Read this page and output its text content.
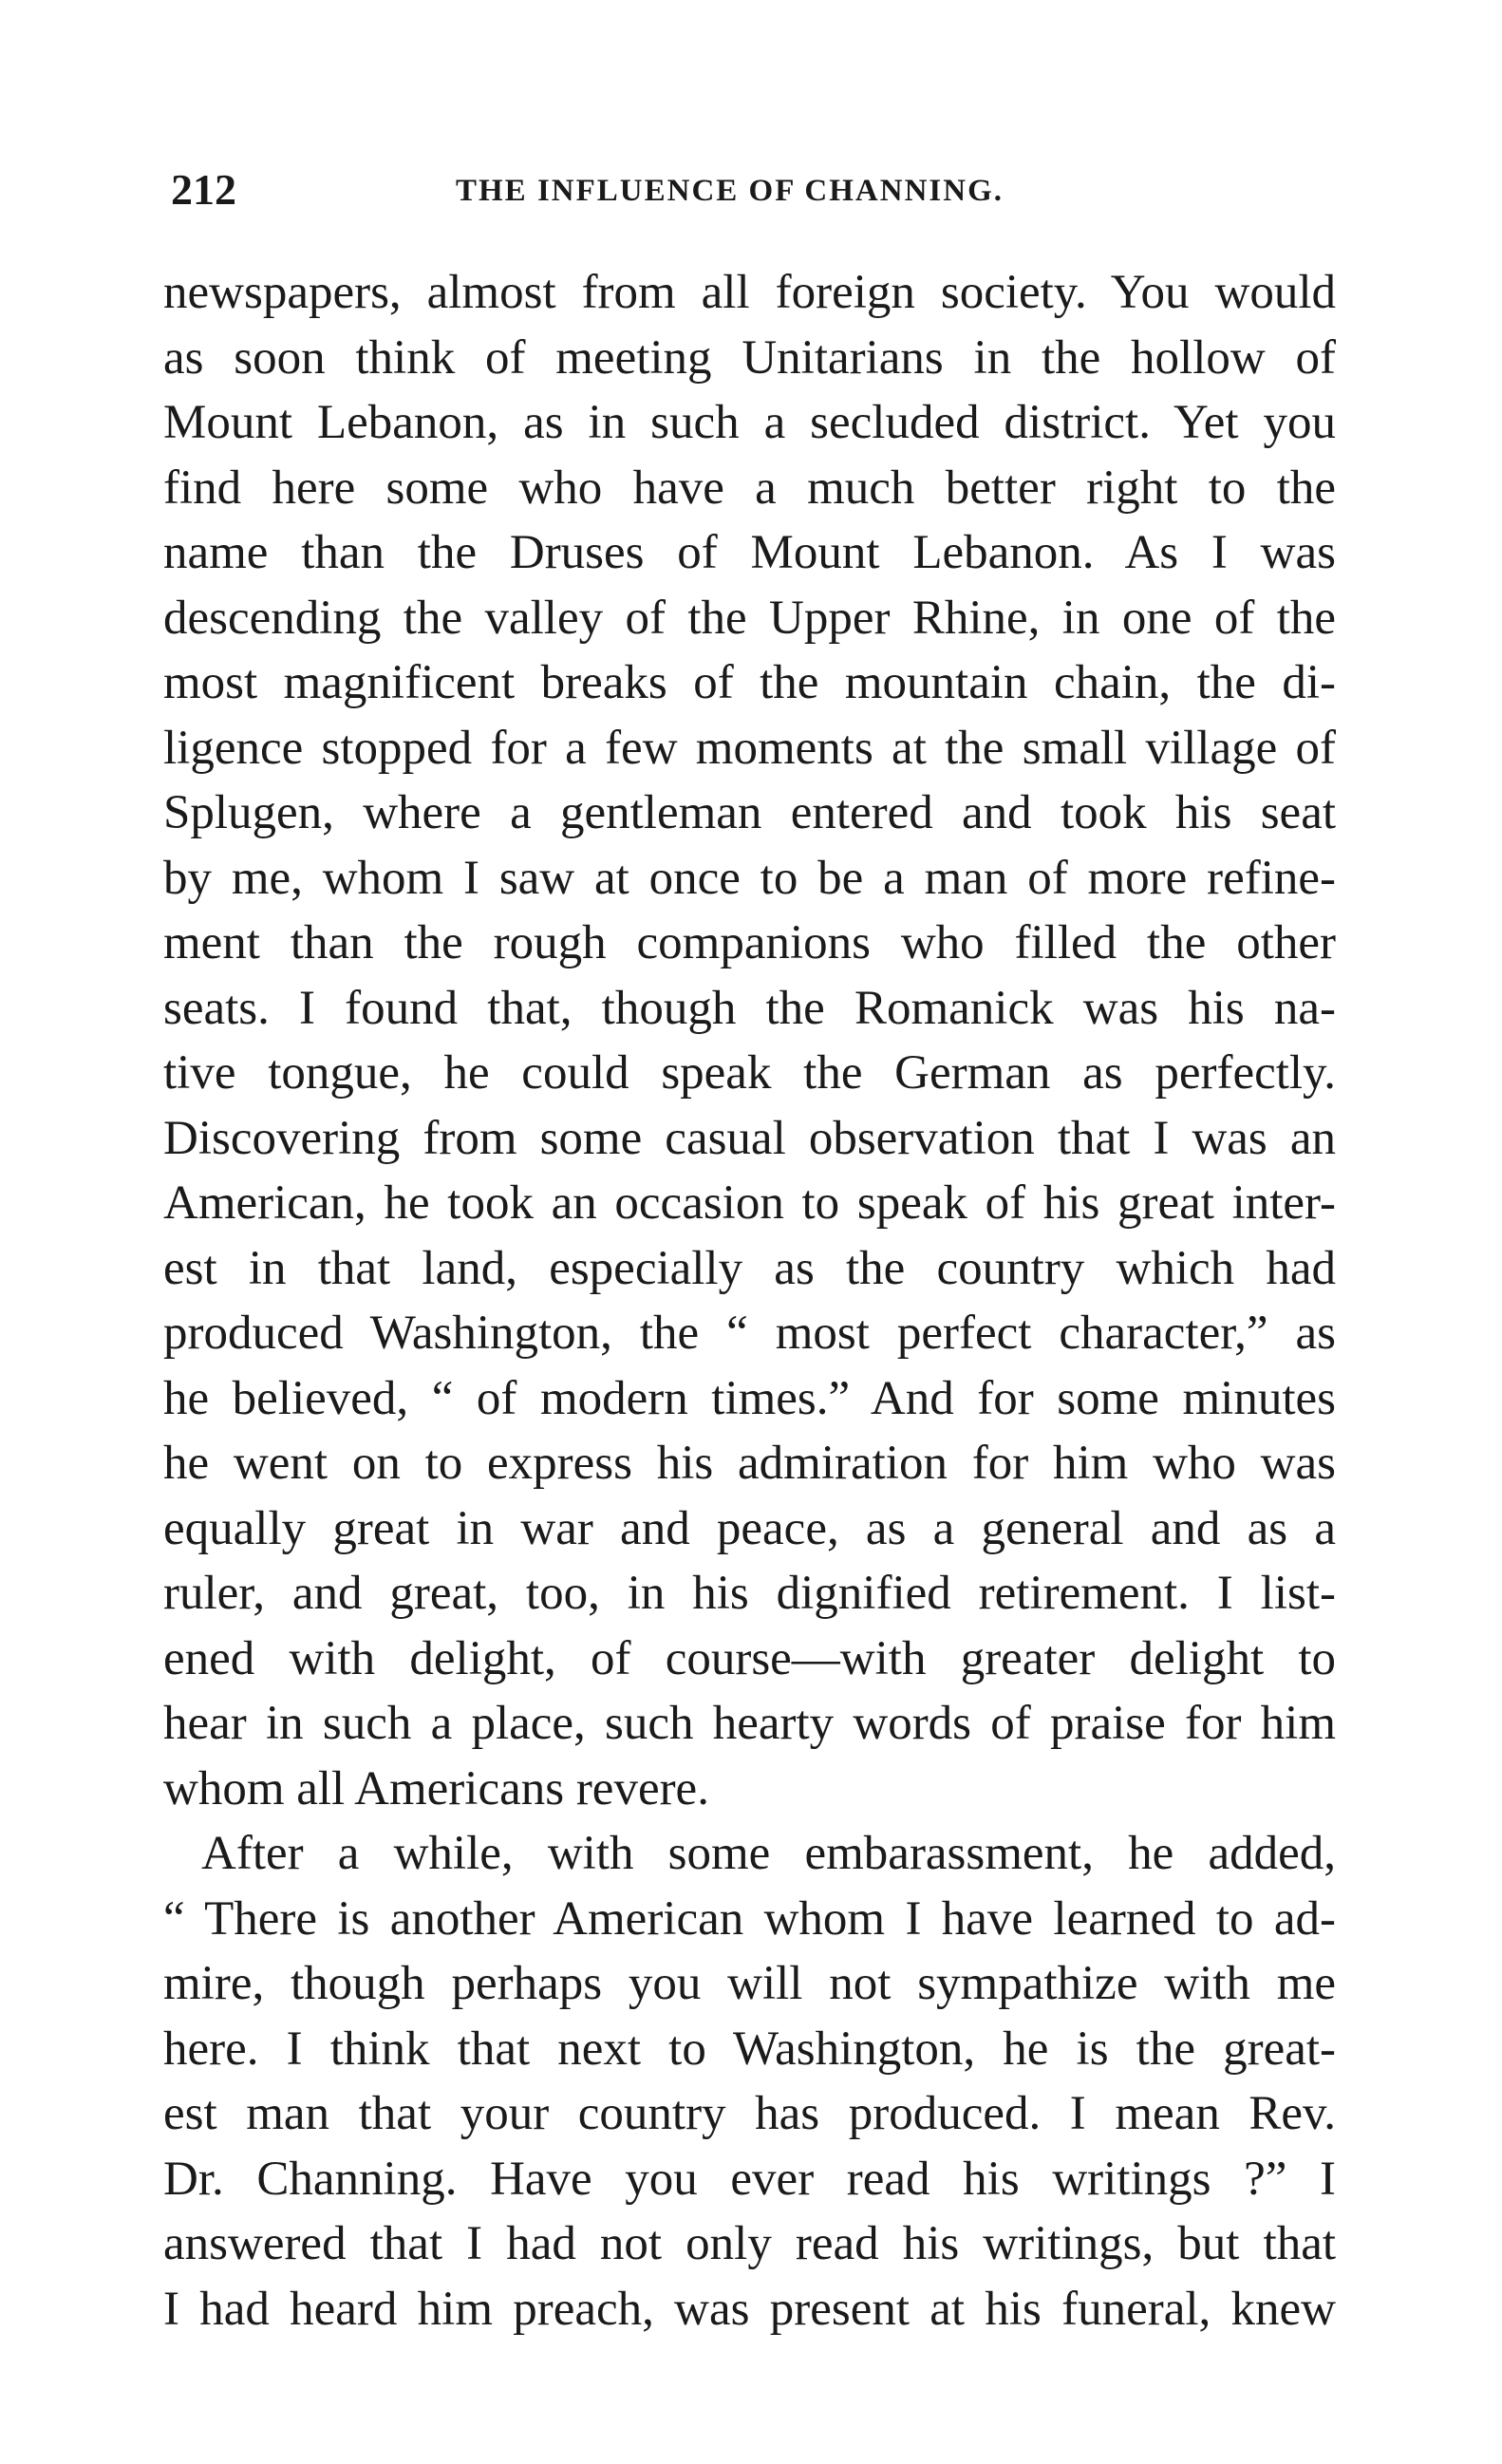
212	THE INFLUENCE OF CHANNING.
newspapers, almost from all foreign society. You would
as soon think of meeting Unitarians in the hollow of
Mount Lebanon, as in such a secluded district. Yet you
find here some who have a much better right to the
name than the Druses of Mount Lebanon. As I was
descending the valley of the Upper Rhine, in one of the
most magnificent breaks of the mountain chain, the di-
ligence stopped for a few moments at the small village of
Splugen, where a gentleman entered and took his seat
by me, whom I saw at once to be a man of more refine-
ment than the rough companions who filled the other
seats. I found that, though the Romanick was his na-
tive tongue, he could speak the German as perfectly.
Discovering from some casual observation that I was an
American, he took an occasion to speak of his great inter-
est in that land, especially as the country which had
produced Washington, the “ most perfect character,” as
he believed, “ of modern times.” And for some minutes
he went on to express his admiration for him who was
equally great in war and peace, as a general and as a
ruler, and great, too, in his dignified retirement. I list-
ened with delight, of course—with greater delight to
hear in such a place, such hearty words of praise for him
whom all Americans revere.
After a while, with some embarassment, he added,
“ There is another American whom I have learned to ad-
mire, though perhaps you will not sympathize with me
here. I think that next to Washington, he is the great-
est man that your country has produced. I mean Rev.
Dr. Channing. Have you ever read his writings ?” I
answered that I had not only read his writings, but that
I had heard him preach, was present at his funeral, knew
